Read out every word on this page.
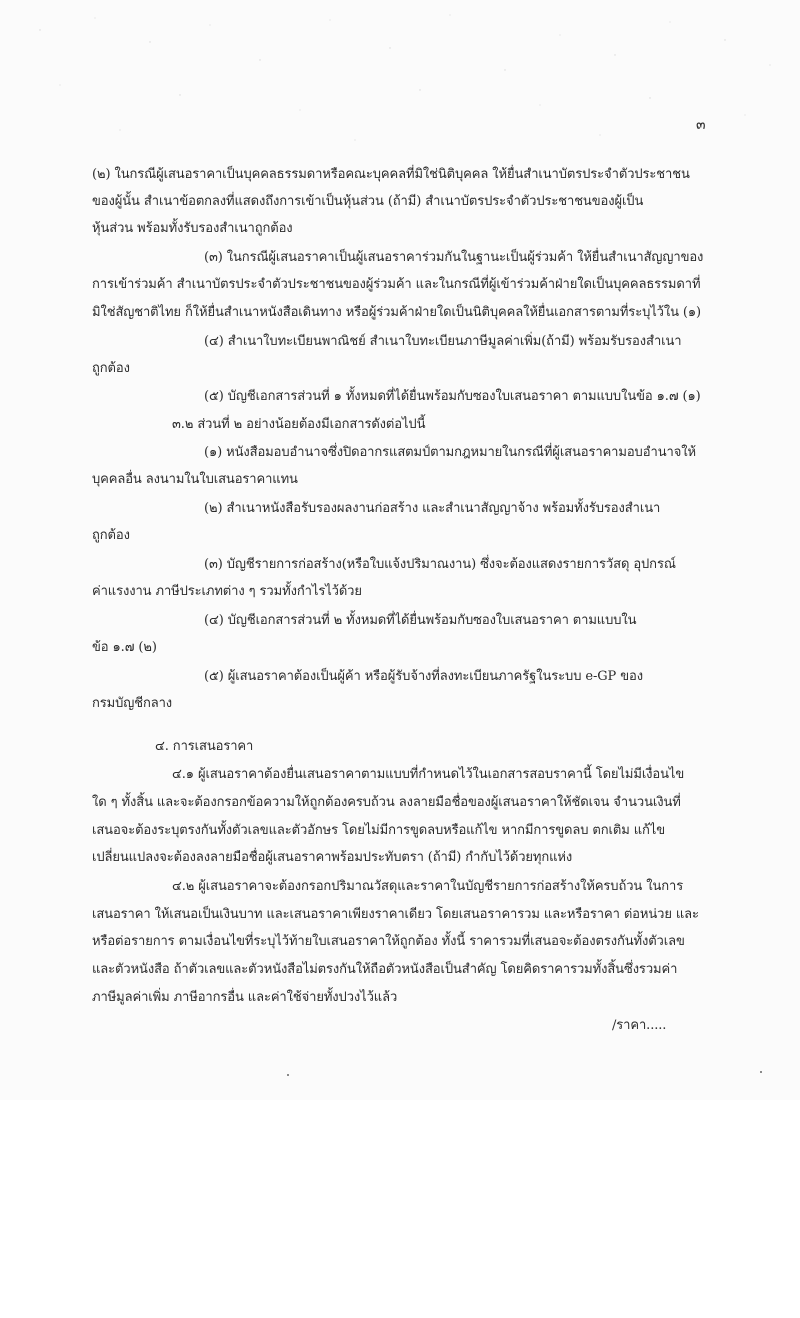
๓

(๒) ในกรณีผู้เสนอราคาเป็นบุคคลธรรมดาหรือคณะบุคคลที่มิใช่นิติบุคคล ให้ยื่นสำเนาบัตรประจำตัวประชาชน

ของผู้นั้น สำเนาข้อตกลงที่แสดงถึงการเข้าเป็นหุ้นส่วน (ถ้ามี) สำเนาบัตรประจำตัวประชาชนของผู้เป็น

หุ้นส่วน พร้อมทั้งรับรองสำเนาถูกต้อง

(๓) ในกรณีผู้เสนอราคาเป็นผู้เสนอราคาร่วมกันในฐานะเป็นผู้ร่วมค้า ให้ยื่นสำเนาสัญญาของ

การเข้าร่วมค้า สำเนาบัตรประจำตัวประชาชนของผู้ร่วมค้า และในกรณีที่ผู้เข้าร่วมค้าฝ่ายใดเป็นบุคคลธรรมดาที่

มิใช่สัญชาติไทย ก็ให้ยื่นสำเนาหนังสือเดินทาง หรือผู้ร่วมค้าฝ่ายใดเป็นนิติบุคคลให้ยื่นเอกสารตามที่ระบุไว้ใน (๑)

(๔) สำเนาใบทะเบียนพาณิชย์ สำเนาใบทะเบียนภาษีมูลค่าเพิ่ม(ถ้ามี) พร้อมรับรองสำเนา

ถูกต้อง

(๕) บัญชีเอกสารส่วนที่ ๑ ทั้งหมดที่ได้ยื่นพร้อมกับซองใบเสนอราคา ตามแบบในข้อ ๑.๗ (๑)

๓.๒ ส่วนที่ ๒ อย่างน้อยต้องมีเอกสารดังต่อไปนี้

(๑) หนังสือมอบอำนาจซึ่งปิดอากรแสตมป์ตามกฎหมายในกรณีที่ผู้เสนอราคามอบอำนาจให้

บุคคลอื่น ลงนามในใบเสนอราคาแทน

(๒) สำเนาหนังสือรับรองผลงานก่อสร้าง และสำเนาสัญญาจ้าง พร้อมทั้งรับรองสำเนา

ถูกต้อง

(๓) บัญชีรายการก่อสร้าง(หรือใบแจ้งปริมาณงาน) ซึ่งจะต้องแสดงรายการวัสดุ อุปกรณ์

ค่าแรงงาน ภาษีประเภทต่าง ๆ รวมทั้งกำไรไว้ด้วย

(๔) บัญชีเอกสารส่วนที่ ๒ ทั้งหมดที่ได้ยื่นพร้อมกับซองใบเสนอราคา ตามแบบใน

ข้อ ๑.๗ (๒)

(๕) ผู้เสนอราคาต้องเป็นผู้ค้า หรือผู้รับจ้างที่ลงทะเบียนภาครัฐในระบบ e-GP ของ

กรมบัญชีกลาง

๔. การเสนอราคา

๔.๑ ผู้เสนอราคาต้องยื่นเสนอราคาตามแบบที่กำหนดไว้ในเอกสารสอบราคานี้ โดยไม่มีเงื่อนไข

ใด ๆ ทั้งสิ้น และจะต้องกรอกข้อความให้ถูกต้องครบถ้วน ลงลายมือชื่อของผู้เสนอราคาให้ชัดเจน จำนวนเงินที่

เสนอจะต้องระบุตรงกันทั้งตัวเลขและตัวอักษร โดยไม่มีการขูดลบหรือแก้ไข หากมีการขูดลบ ตกเติม แก้ไข

เปลี่ยนแปลงจะต้องลงลายมือชื่อผู้เสนอราคาพร้อมประทับตรา (ถ้ามี) กำกับไว้ด้วยทุกแห่ง

๔.๒ ผู้เสนอราคาจะต้องกรอกปริมาณวัสดุและราคาในบัญชีรายการก่อสร้างให้ครบถ้วน ในการ

เสนอราคา ให้เสนอเป็นเงินบาท และเสนอราคาเพียงราคาเดียว โดยเสนอราคารวม และหรือราคา ต่อหน่วย และ

หรือต่อรายการ ตามเงื่อนไขที่ระบุไว้ท้ายใบเสนอราคาให้ถูกต้อง ทั้งนี้ ราคารวมที่เสนอจะต้องตรงกันทั้งตัวเลข

และตัวหนังสือ ถ้าตัวเลขและตัวหนังสือไม่ตรงกันให้ถือตัวหนังสือเป็นสำคัญ โดยคิดราคารวมทั้งสิ้นซึ่งรวมค่า

ภาษีมูลค่าเพิ่ม ภาษีอากรอื่น และค่าใช้จ่ายทั้งปวงไว้แล้ว

/ราคา.....
